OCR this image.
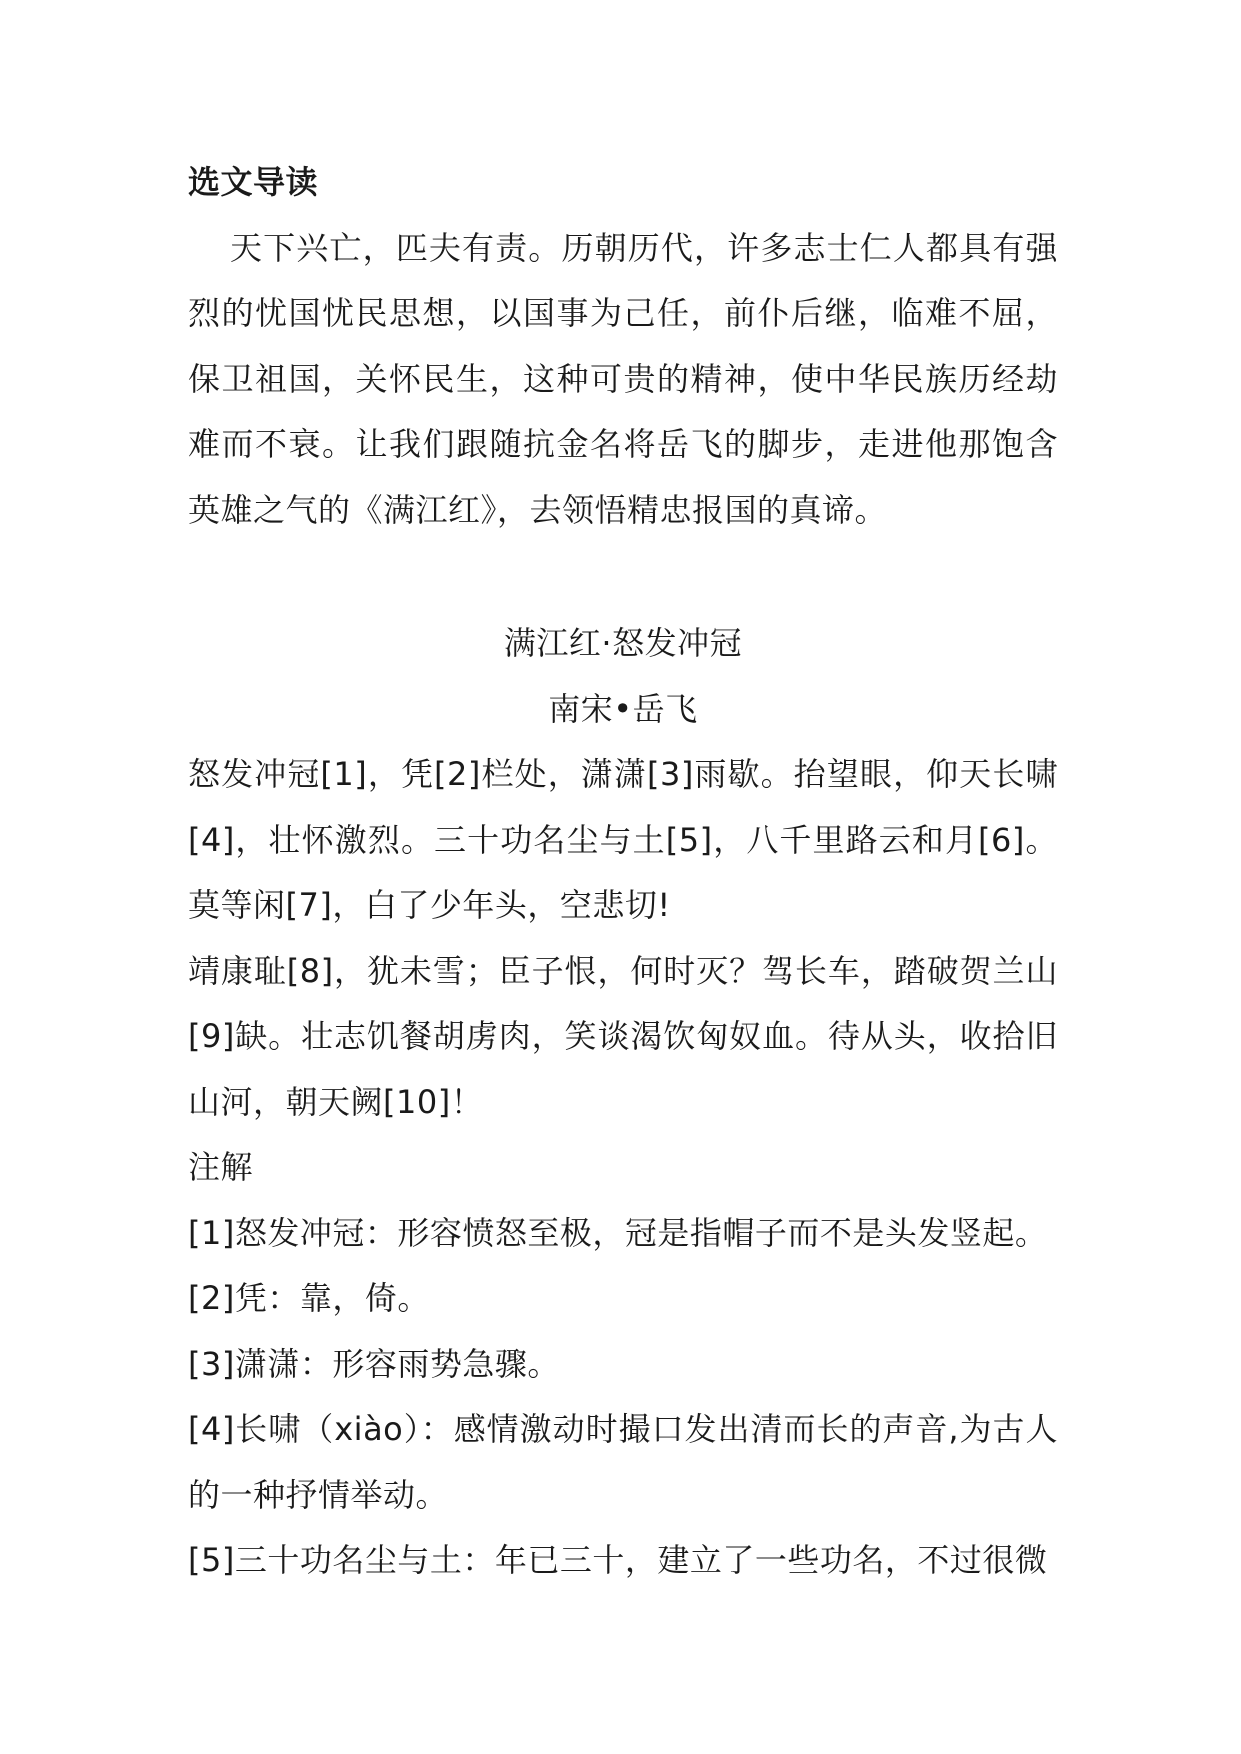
选文导读

天下兴亡，匹夫有责。历朝历代，许多志士仁人都具有强烈的忧国忧民思想，以国事为己任，前仆后继，临难不屈，保卫祖国，关怀民生，这种可贵的精神，使中华民族历经劫难而不衰。让我们跟随抗金名将岳飞的脚步，走进他那饱含英雄之气的《满江红》，去领悟精忠报国的真谛。

满江红·怒发冲冠

南宋•岳飞

怒发冲冠[1]，凭[2]栏处，潇潇[3]雨歇。抬望眼，仰天长啸[4]，壮怀激烈。三十功名尘与土[5]，八千里路云和月[6]。莫等闲[7]，白了少年头，空悲切!

靖康耻[8]，犹未雪；臣子恨，何时灭？驾长车，踏破贺兰山[9]缺。壮志饥餐胡虏肉，笑谈渴饮匈奴血。待从头，收拾旧山河，朝天阙[10]！

注解

[1]怒发冲冠：形容愤怒至极，冠是指帽子而不是头发竖起。

[2]凭：靠，倚。

[3]潇潇：形容雨势急骤。

[4]长啸（xiào）：感情激动时撮口发出清而长的声音,为古人的一种抒情举动。

[5]三十功名尘与土：年已三十，建立了一些功名，不过很微
